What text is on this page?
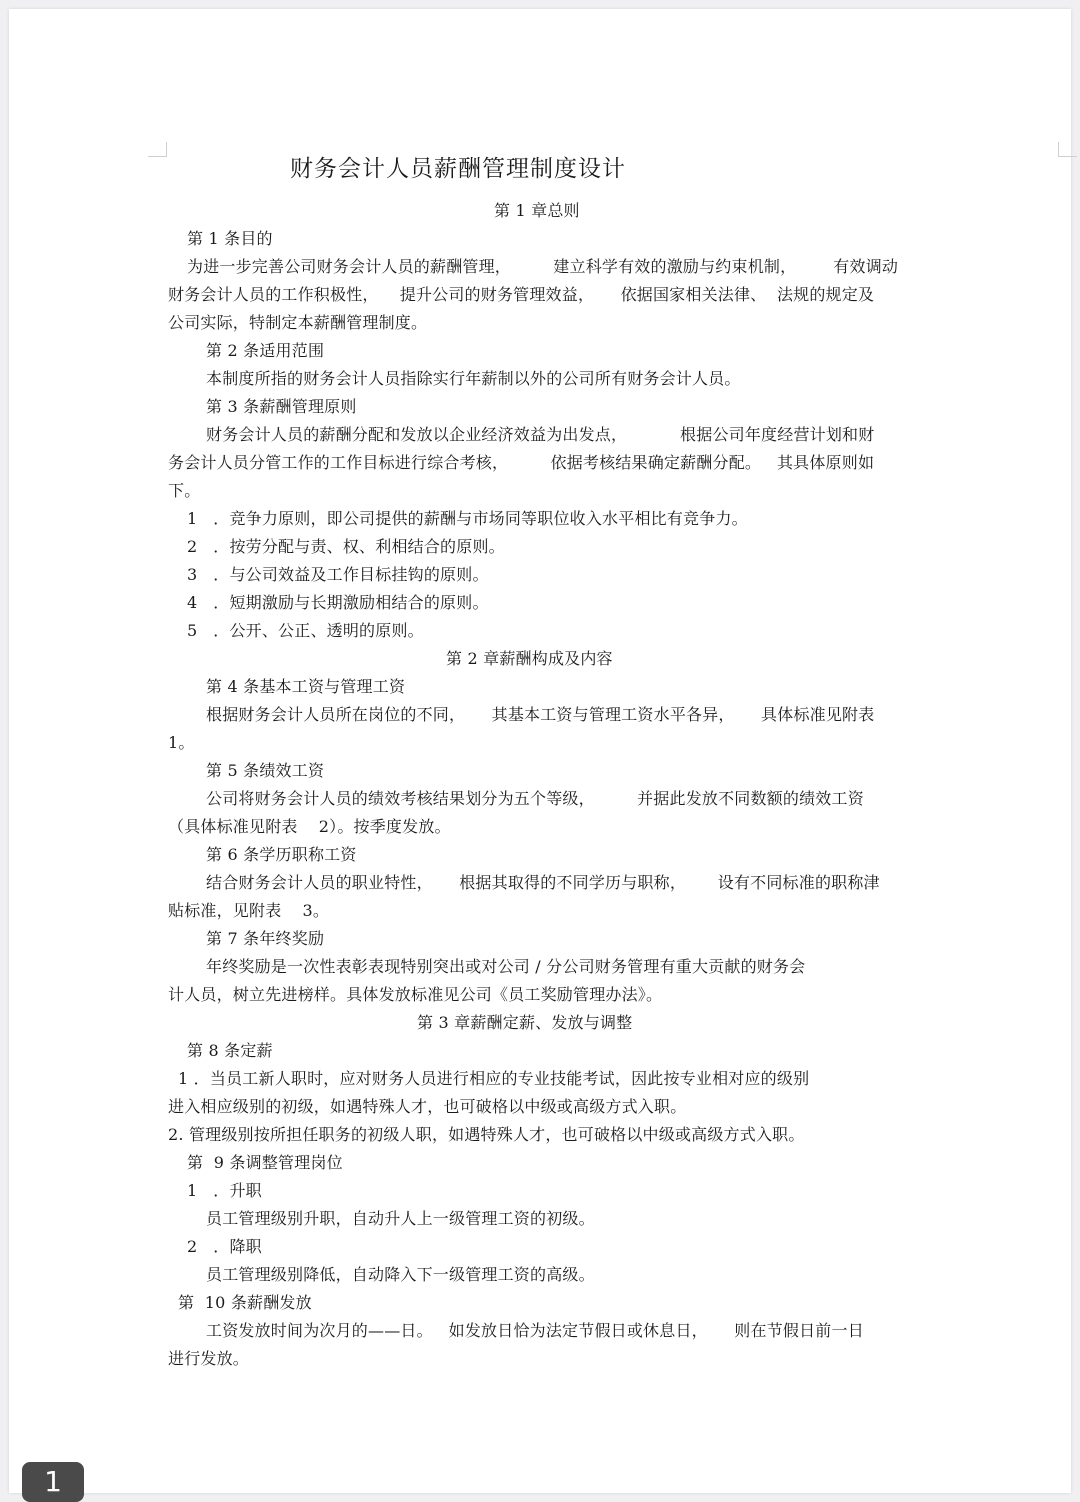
财务会计人员薪酬管理制度设计
第 1 章总则
第 1 条目的
为进一步完善公司财务会计人员的薪酬管理，        建立科学有效的激励与约束机制，       有效调动
财务会计人员的工作积极性，    提升公司的财务管理效益，     依据国家相关法律、  法规的规定及
公司实际，特制定本薪酬管理制度。
第 2 条适用范围
本制度所指的财务会计人员指除实行年薪制以外的公司所有财务会计人员。
第 3 条薪酬管理原则
财务会计人员的薪酬分配和发放以企业经济效益为出发点，          根据公司年度经营计划和财
务会计人员分管工作的工作目标进行综合考核，        依据考核结果确定薪酬分配。   其具体原则如
下。
1   ．竞争力原则，即公司提供的薪酬与市场同等职位收入水平相比有竞争力。
2   ．按劳分配与责、权、利相结合的原则。
3   ．与公司效益及工作目标挂钩的原则。
4   ．短期激励与长期激励相结合的原则。
5   ．公开、公正、透明的原则。
第 2 章薪酬构成及内容
第 4 条基本工资与管理工资
根据财务会计人员所在岗位的不同，     其基本工资与管理工资水平各异，     具体标准见附表
1。
第 5 条绩效工资
公司将财务会计人员的绩效考核结果划分为五个等级，        并据此发放不同数额的绩效工资
（具体标准见附表    2）。按季度发放。
第 6 条学历职称工资
结合财务会计人员的职业特性，     根据其取得的不同学历与职称，      设有不同标准的职称津
贴标准，见附表    3。
第 7 条年终奖励
年终奖励是一次性表彰表现特别突出或对公司 / 分公司财务管理有重大贡献的财务会
计人员，树立先进榜样。具体发放标准见公司《员工奖励管理办法》。
第 3 章薪酬定薪、发放与调整
第 8 条定薪
1 ．当员工新人职时，应对财务人员进行相应的专业技能考试，因此按专业相对应的级别
进入相应级别的初级，如遇特殊人才，也可破格以中级或高级方式入职。
2. 管理级别按所担任职务的初级人职，如遇特殊人才，也可破格以中级或高级方式入职。
第  9 条调整管理岗位
1   ．升职
员工管理级别升职，自动升人上一级管理工资的初级。
2   ．降职
员工管理级别降低，自动降入下一级管理工资的高级。
第  10 条薪酬发放
工资发放时间为次月的——日。   如发放日恰为法定节假日或休息日，     则在节假日前一日
进行发放。
1
